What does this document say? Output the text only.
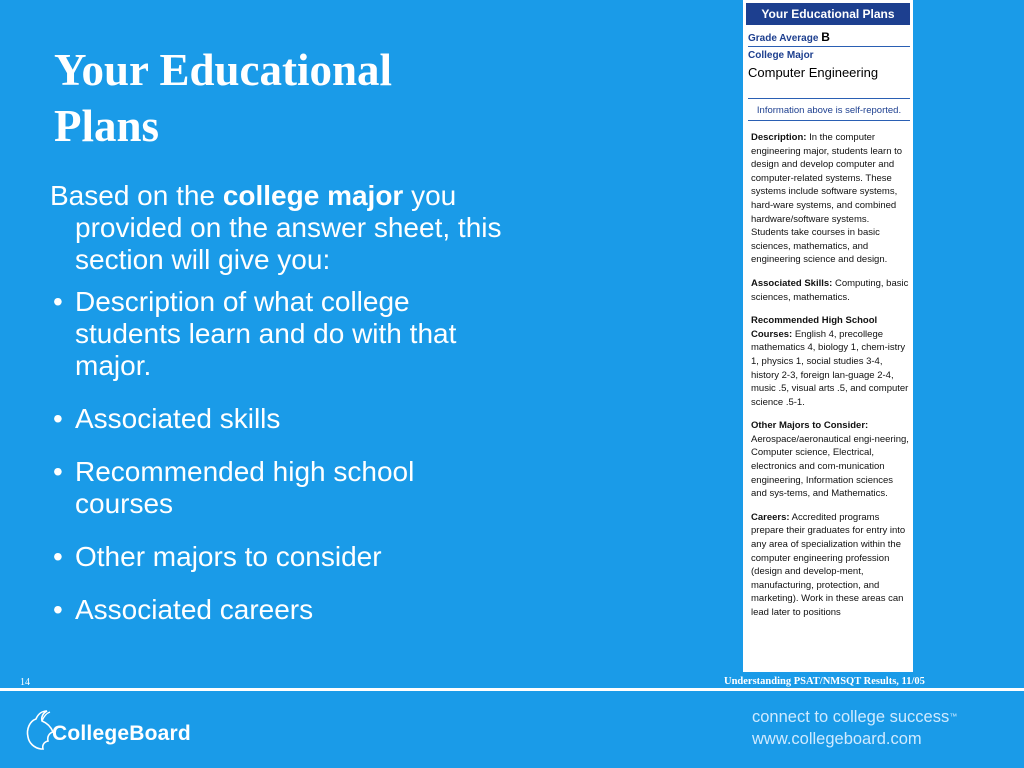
Your Educational Plans

Based on the college major you provided on the answer sheet, this section will give you:

• Description of what college students learn and do with that major.
• Associated skills
• Recommended high school courses
• Other majors to consider
• Associated careers
Your Educational Plans
Grade Average B
College Major
Computer Engineering
Information above is self-reported.
Description: In the computer engineering major, students learn to design and develop computer and computer-related systems. These systems include software systems, hard-ware systems, and combined hardware/software systems. Students take courses in basic sciences, mathematics, and engineering science and design.
Associated Skills: Computing, basic sciences, mathematics.
Recommended High School Courses: English 4, precollege mathematics 4, biology 1, chem-istry 1, physics 1, social studies 3-4, history 2-3, foreign lan-guage 2-4, music .5, visual arts .5, and computer science .5-1.
Other Majors to Consider: Aerospace/aeronautical engi-neering, Computer science, Electrical, electronics and com-munication engineering, Information sciences and sys-tems, and Mathematics.
Careers: Accredited programs prepare their graduates for entry into any area of specialization within the computer engineering profession (design and develop-ment, manufacturing, protection, and marketing). Work in these areas can lead later to positions
14	Understanding PSAT/NMSQT Results, 11/05
CollegeBoard
connect to college success™
www.collegeboard.com
